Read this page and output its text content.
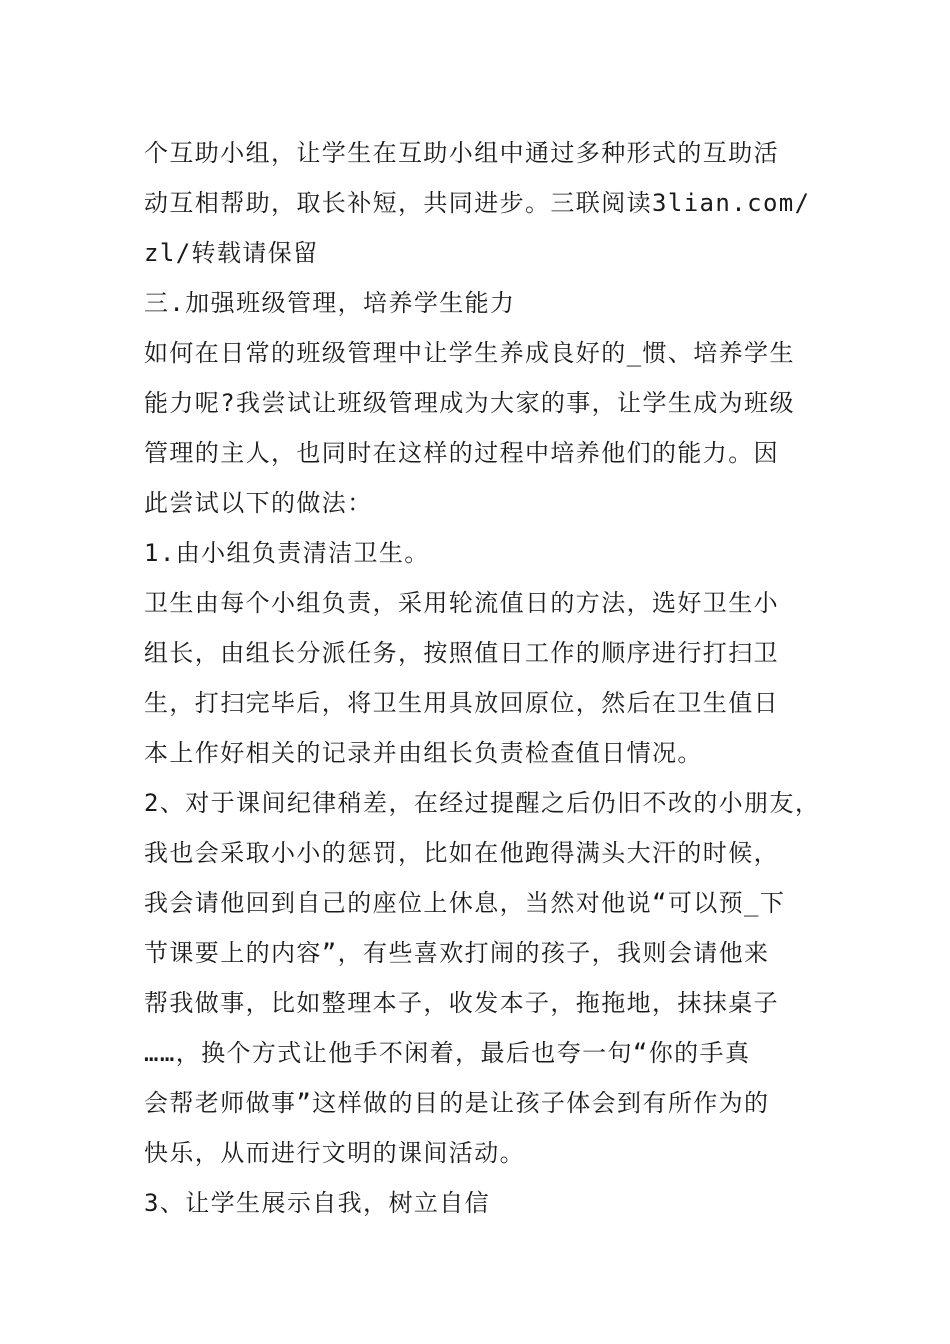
个互助小组，让学生在互助小组中通过多种形式的互助活

动互相帮助，取长补短，共同进步。三联阅读3lian.com/

zl/转载请保留

三.加强班级管理，培养学生能力

如何在日常的班级管理中让学生养成良好的_惯、培养学生

能力呢?我尝试让班级管理成为大家的事，让学生成为班级

管理的主人，也同时在这样的过程中培养他们的能力。因

此尝试以下的做法：

1.由小组负责清洁卫生。

卫生由每个小组负责，采用轮流值日的方法，选好卫生小

组长，由组长分派任务，按照值日工作的顺序进行打扫卫

生，打扫完毕后，将卫生用具放回原位，然后在卫生值日

本上作好相关的记录并由组长负责检查值日情况。

2、对于课间纪律稍差，在经过提醒之后仍旧不改的小朋友，

我也会采取小小的惩罚，比如在他跑得满头大汗的时候，

我会请他回到自己的座位上休息，当然对他说“可以预_下

节课要上的内容”，有些喜欢打闹的孩子，我则会请他来

帮我做事，比如整理本子，收发本子，拖拖地，抹抹桌子

……，换个方式让他手不闲着，最后也夸一句“你的手真

会帮老师做事”这样做的目的是让孩子体会到有所作为的

快乐，从而进行文明的课间活动。

3、让学生展示自我，树立自信
